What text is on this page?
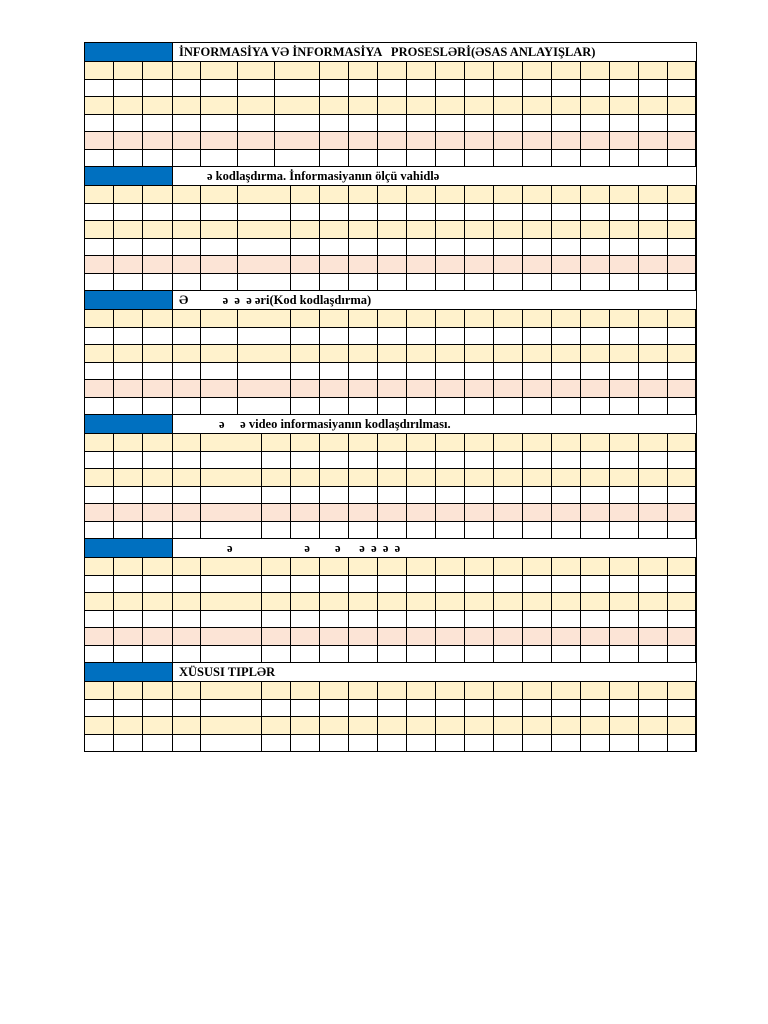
İNFORMASİYA VƏ İNFORMASİYA   PROSESLƏRİ(ƏSAS ANLAYIŞLAR)
ə kodlaşdırma. İnformasiyanın ölçü vahidlə
Ə           ə  ə  ə əri(Kod kodlaşdırma)
ə     ə video informasiyanın kodlaşdırılması.
ə                       ə        ə      ə  ə  ə  ə
XÜSUSI TIPLƏR
